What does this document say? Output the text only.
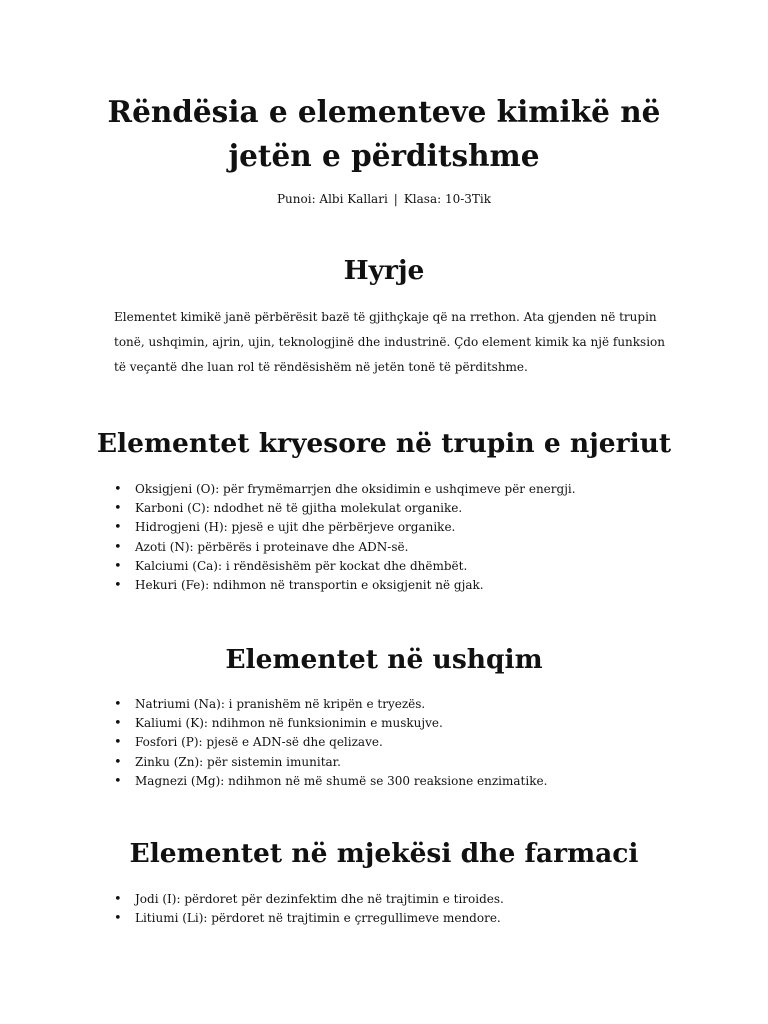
Rëndësia e elementeve kimikë në jetën e përditshme
Punoi: Albi Kallari | Klasa: 10-3Tik
Hyrje

Elementet kimikë janë përbërësit bazë të gjithçkaje që na rrethon. Ata gjenden në trupin tonë, ushqimin, ajrin, ujin, teknologjinë dhe industrinë. Çdo element kimik ka një funksion të veçantë dhe luan rol të rëndësishëm në jetën tonë të përditshme.

Elementet kryesore në trupin e njeriut
• Oksigjeni (O): për frymëmarrjen dhe oksidimin e ushqimeve për energji.
• Karboni (C): ndodhet në të gjitha molekulat organike.
• Hidrogjeni (H): pjesë e ujit dhe përbërjeve organike.
• Azoti (N): përbërës i proteinave dhe ADN-së.
• Kalciumi (Ca): i rëndësishëm për kockat dhe dhëmbët.
• Hekuri (Fe): ndihmon në transportin e oksigjenit në gjak.
Elementet në ushqim
• Natriumi (Na): i pranishëm në kripën e tryezës.
• Kaliumi (K): ndihmon në funksionimin e muskujve.
• Fosfori (P): pjesë e ADN-së dhe qelizave.
• Zinku (Zn): për sistemin imunitar.
• Magnezi (Mg): ndihmon në më shumë se 300 reaksione enzimatike.
Elementet në mjekësi dhe farmaci
• Jodi (I): përdoret për dezinfektim dhe në trajtimin e tiroides.
• Litiumi (Li): përdoret në trajtimin e çrregullimeve mendore.
